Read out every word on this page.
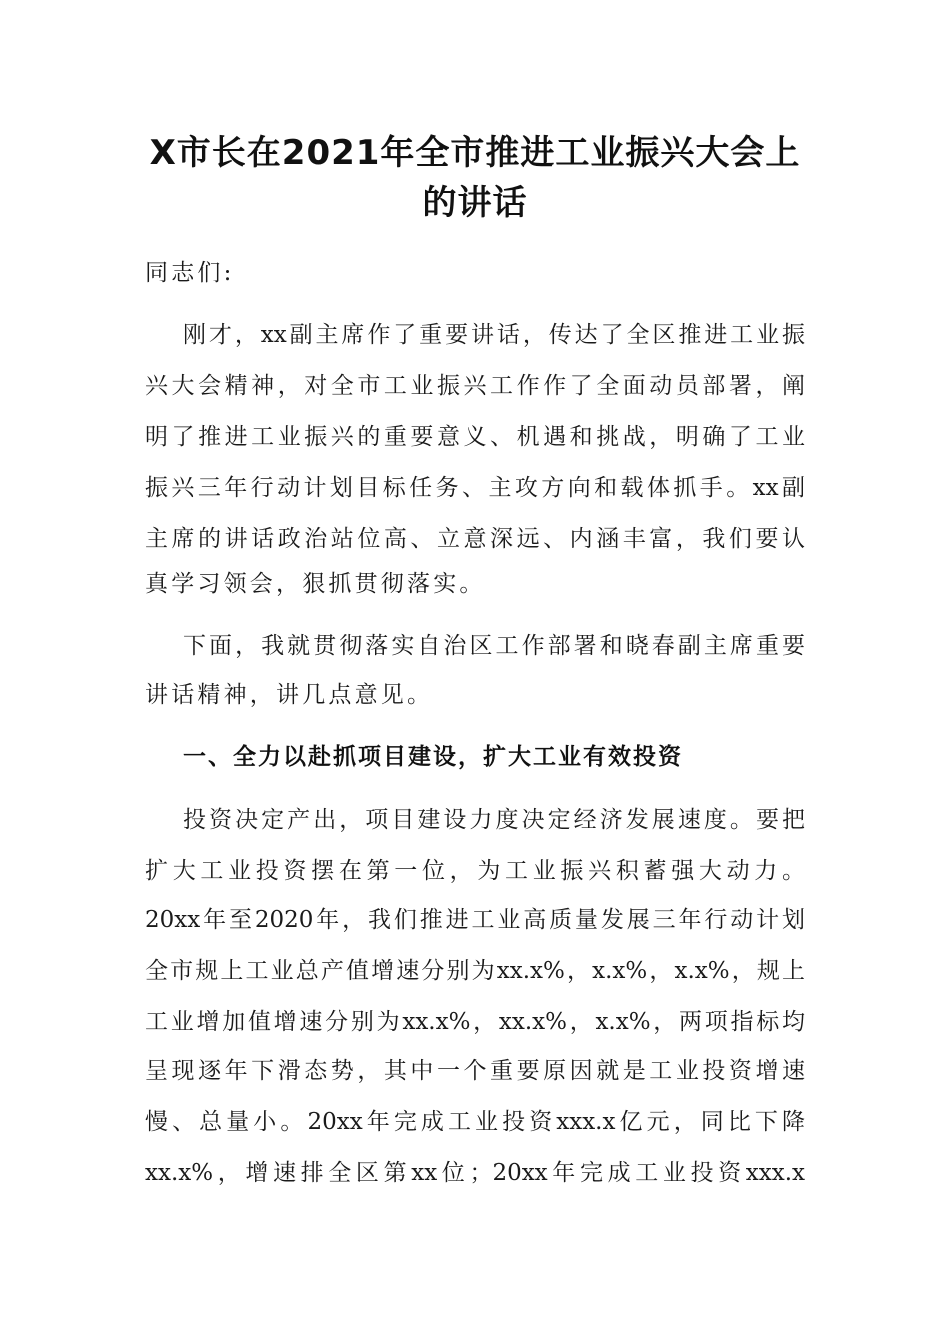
X市长在2021年全市推进工业振兴大会上
的讲话
同志们:
刚才，xx副主席作了重要讲话，传达了全区推进工业振
兴大会精神，对全市工业振兴工作作了全面动员部署，阐
明了推进工业振兴的重要意义、机遇和挑战，明确了工业
振兴三年行动计划目标任务、主攻方向和载体抓手。xx副
主席的讲话政治站位高、立意深远、内涵丰富，我们要认
真学习领会，狠抓贯彻落实。
下面，我就贯彻落实自治区工作部署和晓春副主席重要
讲话精神，讲几点意见。
一、全力以赴抓项目建设，扩大工业有效投资
投资决定产出，项目建设力度决定经济发展速度。要把
扩大工业投资摆在第一位，为工业振兴积蓄强大动力。
20xx年至2020年，我们推进工业高质量发展三年行动计划
全市规上工业总产值增速分别为xx.x%，x.x%，x.x%，规上
工业增加值增速分别为xx.x%，xx.x%，x.x%，两项指标均
呈现逐年下滑态势，其中一个重要原因就是工业投资增速
慢、总量小。20xx年完成工业投资xxx.x亿元，同比下降
xx.x%，增速排全区第xx位；20xx年完成工业投资xxx.x
